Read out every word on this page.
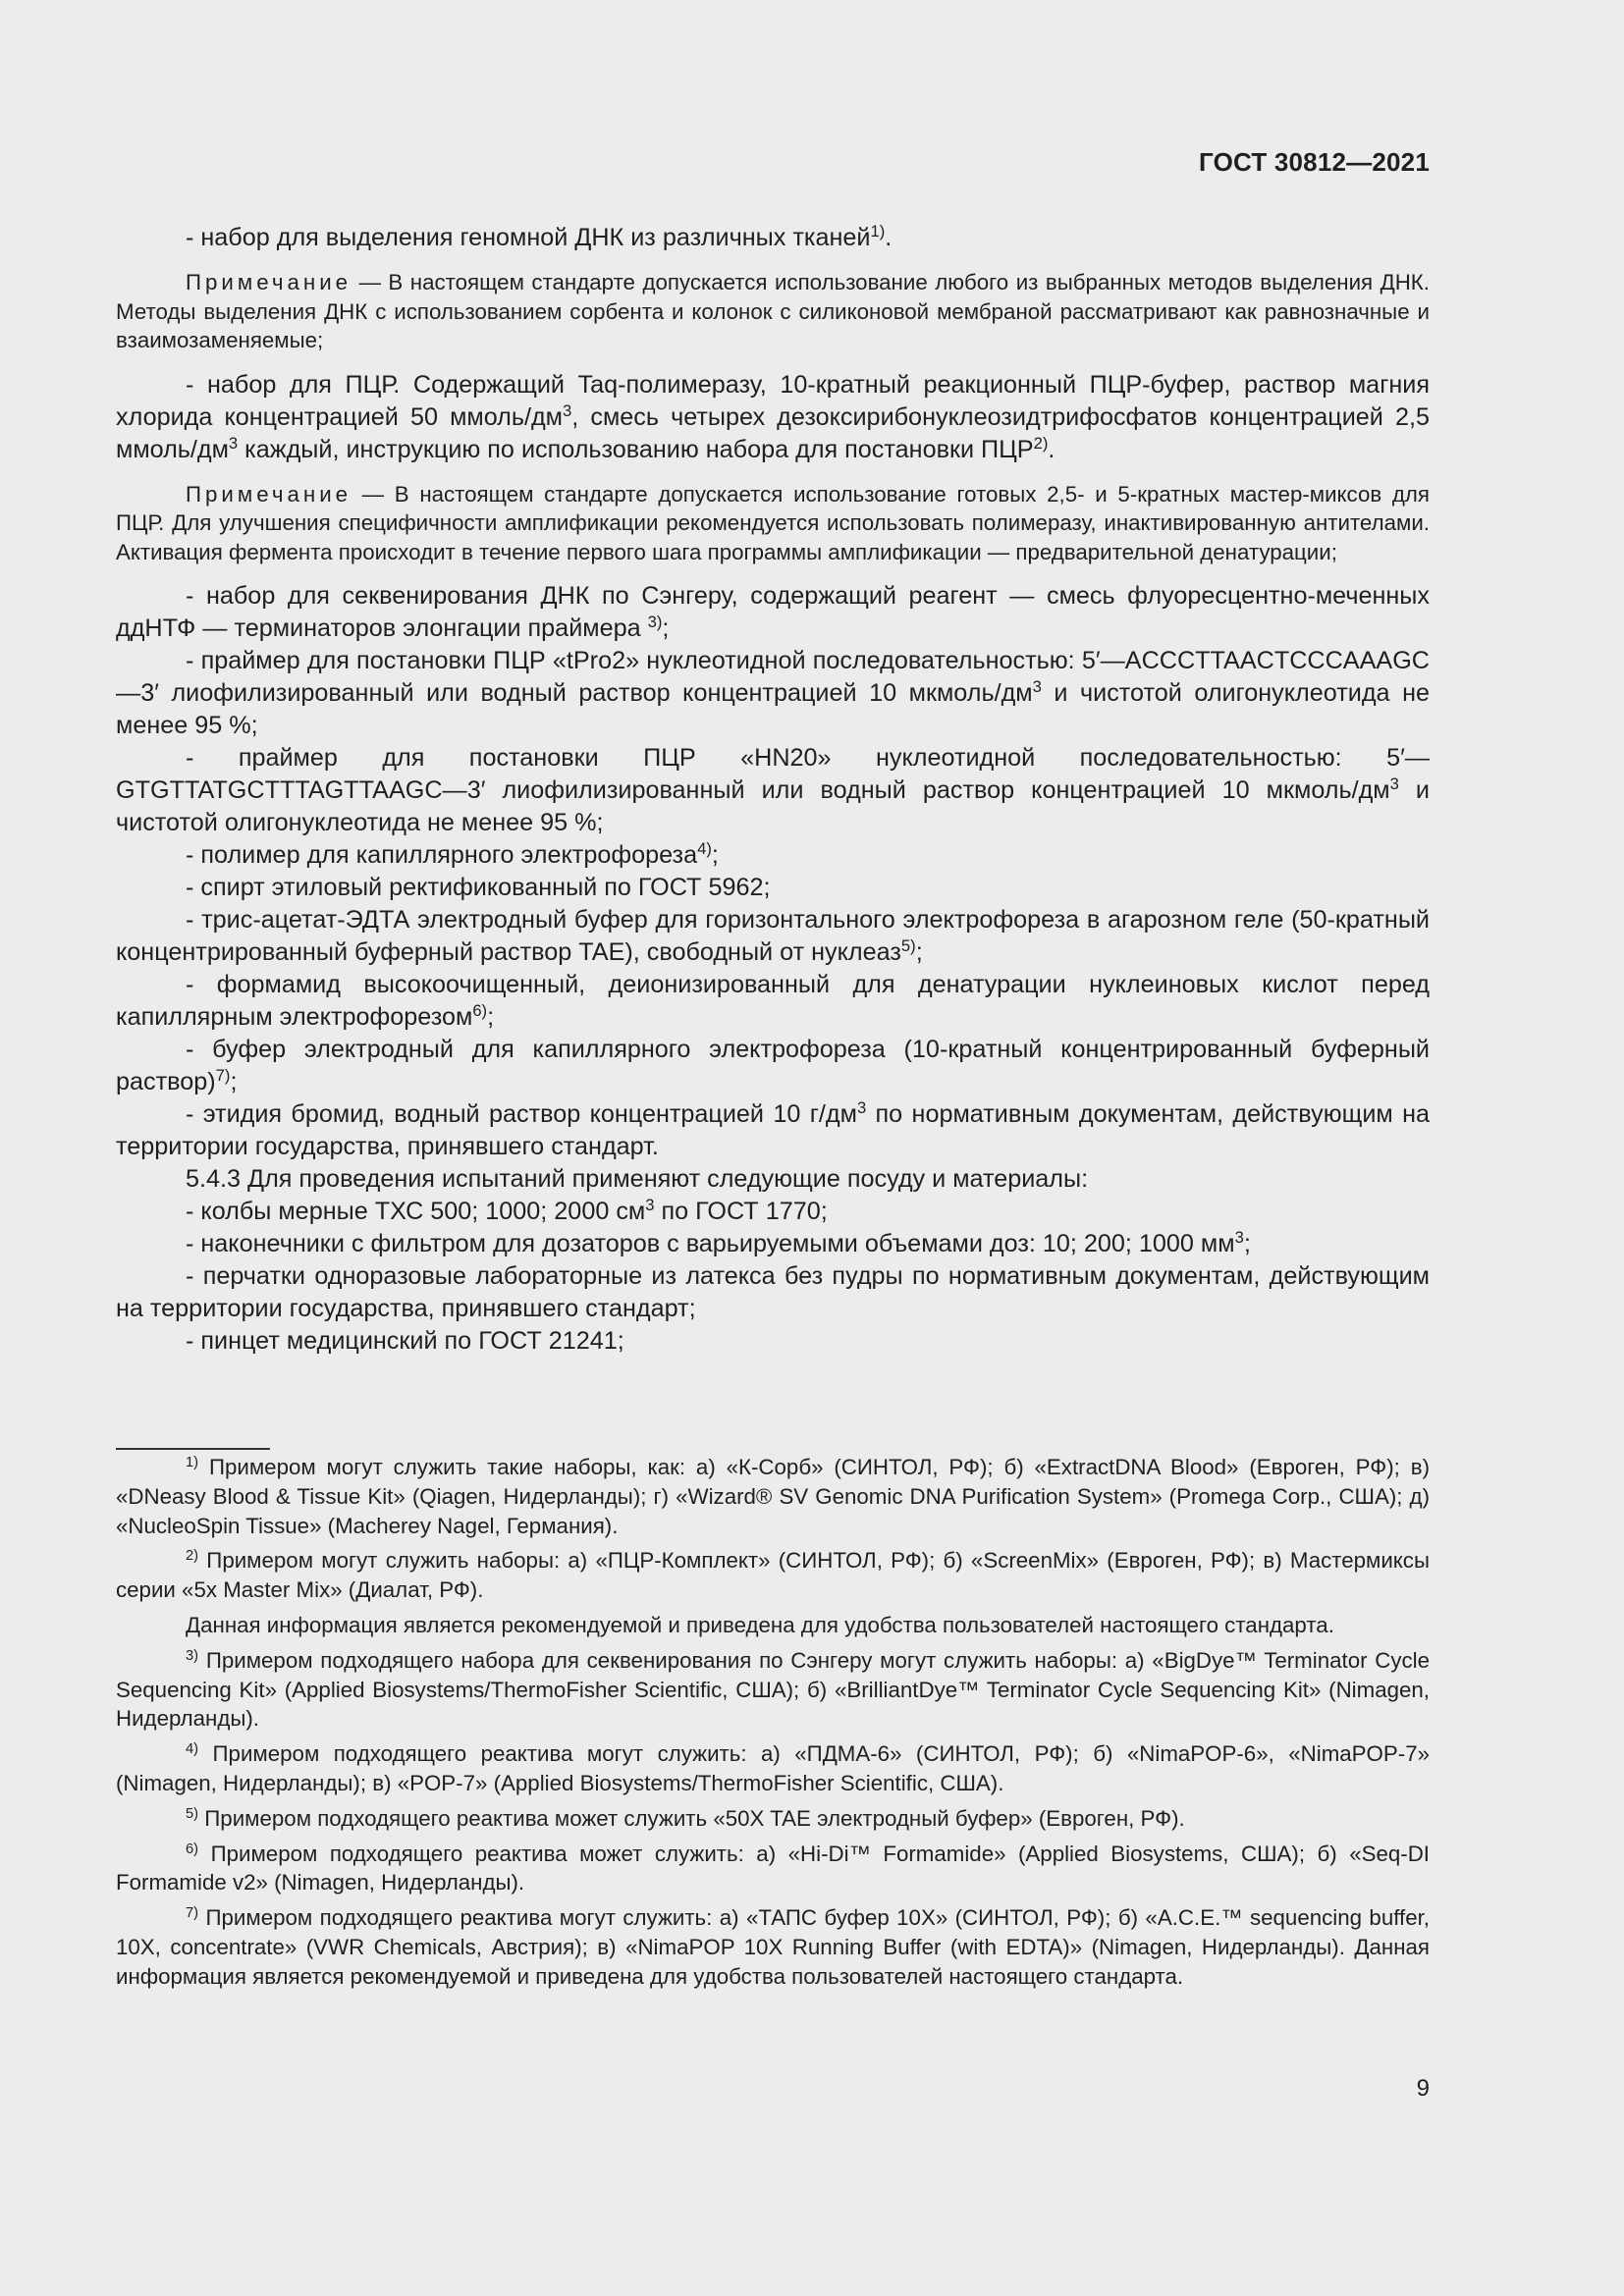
ГОСТ 30812—2021

- набор для выделения геномной ДНК из различных тканей$^{1)}$.

Примечание — В настоящем стандарте допускается использование любого из выбранных методов выделения ДНК. Методы выделения ДНК с использованием сорбента и колонок с силиконовой мембраной рассматривают как равнозначные и взаимозаменяемые;

- набор для ПЦР. Содержащий Taq-полимеразу, 10-кратный реакционный ПЦР-буфер, раствор магния хлорида концентрацией 50 ммоль/$дм^3$, смесь четырех дезоксирибонуклеозидтрифосфатов концентрацией 2,5 ммоль/$дм^3$ каждый, инструкцию по использованию набора для постановки ПЦР$^{2)}$.

Примечание — В настоящем стандарте допускается использование готовых 2,5- и 5-кратных мастер-миксов для ПЦР. Для улучшения специфичности амплификации рекомендуется использовать полимеразу, инактивированную антителами. Активация фермента происходит в течение первого шага программы амплификации — предварительной денатурации;

- набор для секвенирования ДНК по Сэнгеру, содержащий реагент — смесь флуоресцентно-меченных ддНТФ — терминаторов элонгации праймера $^{3)}$;

- праймер для постановки ПЦР «tPro2» нуклеотидной последовательностью: 5′—ACCCTTAACTCCCAAAGC—3′ лиофилизированный или водный раствор концентрацией 10 мкмоль/$дм^3$ и чистотой олигонуклеотида не менее 95 %;

- праймер для постановки ПЦР «HN20» нуклеотидной последовательностью: 5′—GTGTTATGCTTTAGTTAAGC—3′ лиофилизированный или водный раствор концентрацией 10 мкмоль/$дм^3$ и чистотой олигонуклеотида не менее 95 %;

- полимер для капиллярного электрофореза$^{4)}$;

- спирт этиловый ректификованный по ГОСТ 5962;

- трис-ацетат-ЭДТА электродный буфер для горизонтального электрофореза в агарозном геле (50-кратный концентрированный буферный раствор TAE), свободный от нуклеаз$^{5)}$;

- формамид высокоочищенный, деионизированный для денатурации нуклеиновых кислот перед капиллярным электрофорезом$^{6)}$;

- буфер электродный для капиллярного электрофореза (10-кратный концентрированный буферный раствор)$^{7)}$;

- этидия бромид, водный раствор концентрацией 10 $г/дм^3$ по нормативным документам, действующим на территории государства, принявшего стандарт.

5.4.3 Для проведения испытаний применяют следующие посуду и материалы:

- колбы мерные ТХС 500; 1000; 2000 $см^3$ по ГОСТ 1770;

- наконечники с фильтром для дозаторов с варьируемыми объемами доз: 10; 200; 1000 $мм^3$;

- перчатки одноразовые лабораторные из латекса без пудры по нормативным документам, действующим на территории государства, принявшего стандарт;

- пинцет медицинский по ГОСТ 21241;

$^{1)}$ Примером могут служить такие наборы, как: а) «К-Сорб» (СИНТОЛ, РФ); б) «ExtractDNA Blood» (Евроген, РФ); в) «DNeasy Blood & Tissue Kit» (Qiagen, Нидерланды); г) «Wizard® SV Genomic DNA Purification System» (Promega Corp., США); д) «NucleoSpin Tissue» (Macherey Nagel, Германия).

$^{2)}$ Примером могут служить наборы: а) «ПЦР-Комплект» (СИНТОЛ, РФ); б) «ScreenMix» (Евроген, РФ); в) Мастермиксы серии «5x Master Mix» (Диалат, РФ).

Данная информация является рекомендуемой и приведена для удобства пользователей настоящего стандарта.

$^{3)}$ Примером подходящего набора для секвенирования по Сэнгеру могут служить наборы: а) «BigDye™ Terminator Cycle Sequencing Kit» (Applied Biosystems/ThermoFisher Scientific, США); б) «BrilliantDye™ Terminator Cycle Sequencing Kit» (Nimagen, Нидерланды).

$^{4)}$ Примером подходящего реактива могут служить: а) «ПДМА-6» (СИНТОЛ, РФ); б) «NimaPOP-6», «NimaPOP-7» (Nimagen, Нидерланды); в) «POP-7» (Applied Biosystems/ThermoFisher Scientific, США).

$^{5)}$ Примером подходящего реактива может служить «50X TAE электродный буфер» (Евроген, РФ).

$^{6)}$ Примером подходящего реактива может служить: а) «Hi-Di™ Formamide» (Applied Biosystems, США); б) «Seq-DI Formamide v2» (Nimagen, Нидерланды).

$^{7)}$ Примером подходящего реактива могут служить: а) «ТАПС буфер 10X» (СИНТОЛ, РФ); б) «A.C.E.™ sequencing buffer, 10X, concentrate» (VWR Chemicals, Австрия); в) «NimaPOP 10X Running Buffer (with EDTA)» (Nimagen, Нидерланды). Данная информация является рекомендуемой и приведена для удобства пользователей настоящего стандарта.

9
